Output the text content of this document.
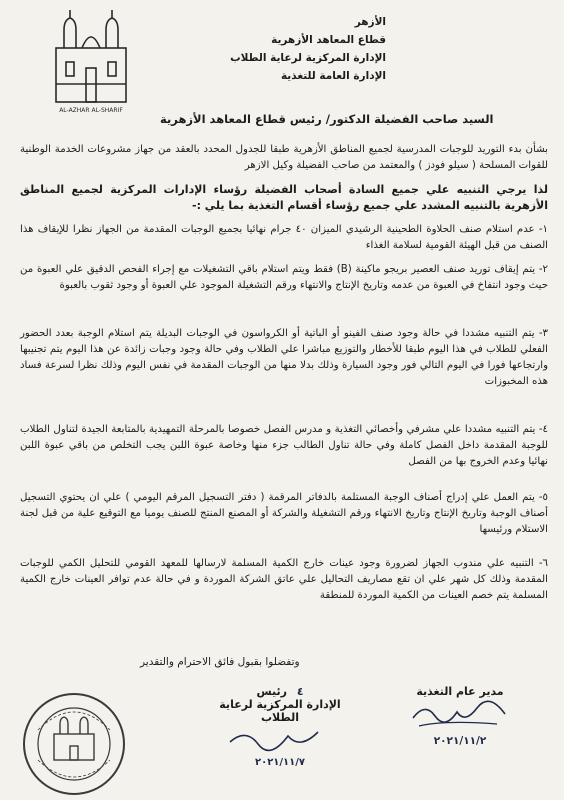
الأزهر
قطاع المعاهد الأزهرية
الإدارة المركزية لرعاية الطلاب
الإدارة العامة للتغذية
AL-AZHAR AL-SHARIF
السيد صاحب الفضيلة الدكتور/ رئيس قطاع المعاهد الأزهرية
بشأن بدء التوريد للوجبات المدرسية لجميع المناطق الأزهرية طبقا للجدول المحدد بالعقد من جهاز مشروعات الخدمة الوطنية للقوات المسلحة ( سيلو فودز ) والمعتمد من صاحب الفضيلة وكيل الازهر
لذا يرجي التنبيه علي جميع السادة أصحاب الفضيلة رؤساء الإدارات المركزية لجميع المناطق الأزهرية بالتنبيه المشدد علي جميع رؤساء أقسام التغذية بما يلي :-
١- عدم استلام صنف الحلاوة الطحينية الرشيدي الميزان ٤٠ جرام نهائيا بجميع الوجبات المقدمة من الجهاز نظرا للإيقاف هذا الصنف من قبل الهيئة القومية لسلامة الغذاء
٢- يتم إيقاف توريد صنف العصير بريجو ماكينة (B) فقط ويتم استلام باقي التشغيلات مع إجراء الفحص الدقيق علي العبوة من حيث وجود انتفاخ في العبوة من عدمه وتاريخ الإنتاج والانتهاء ورقم التشغيلة الموجود علي العبوة أو وجود ثقوب بالعبوة
٣- يتم التنبيه مشددا في حالة وجود صنف الفينو أو الباتية أو الكرواسون في الوجبات البديلة يتم استلام الوجبة بعدد الحضور الفعلي للطلاب في هذا اليوم طبقا للأخطار والتوزيع مباشرا علي الطلاب وفي حالة وجود وجبات زائدة عن هذا اليوم يتم تجنيبها وارتجاعها فورا في اليوم التالي فور وجود السيارة وذلك بدلا منها من الوجبات المقدمة في نفس اليوم وذلك نظرا لسرعة فساد هذه المخبوزات
٤- يتم التنبيه مشددا علي مشرفي وأخصائي التغذية و مدرس الفصل خصوصا بالمرحلة التمهيدية بالمتابعة الجيدة لتناول الطلاب للوجبة المقدمة داخل الفصل كاملة وفي حالة تناول الطالب جزء منها وخاصة عبوة اللبن يجب التخلص من باقي عبوة اللبن نهائيا وعدم الخروج بها من الفصل
٥- يتم العمل علي إدراج أصناف الوجبة المستلمة بالدفاتر المرقمة ( دفتر التسجيل المرقم اليومي ) علي ان يحتوي التسجيل أصناف الوجبة وتاريخ الإنتاج وتاريخ الانتهاء ورقم التشغيلة والشركة أو المصنع المنتج للصنف يوميا مع التوقيع علية من قبل لجنة الاستلام ورئيسها
٦- التنبيه علي مندوب الجهاز لضرورة وجود عينات خارج الكمية المسلمة لارسالها للمعهد القومي للتحليل الكمي للوجبات المقدمة وذلك كل شهر علي ان تقع مصاريف التحاليل علي عاتق الشركة الموردة و في حالة عدم توافر العينات خارج الكمية المسلمة يتم خصم العينات من الكمية الموردة للمنطقة
وتفضلوا بقبول فائق الاحترام والتقدير
مدير عام التغذية
٢٠٢١/١١/٢
٤ رئيس
الإدارة المركزية لرعاية الطلاب
٢٠٢١/١١/٧
